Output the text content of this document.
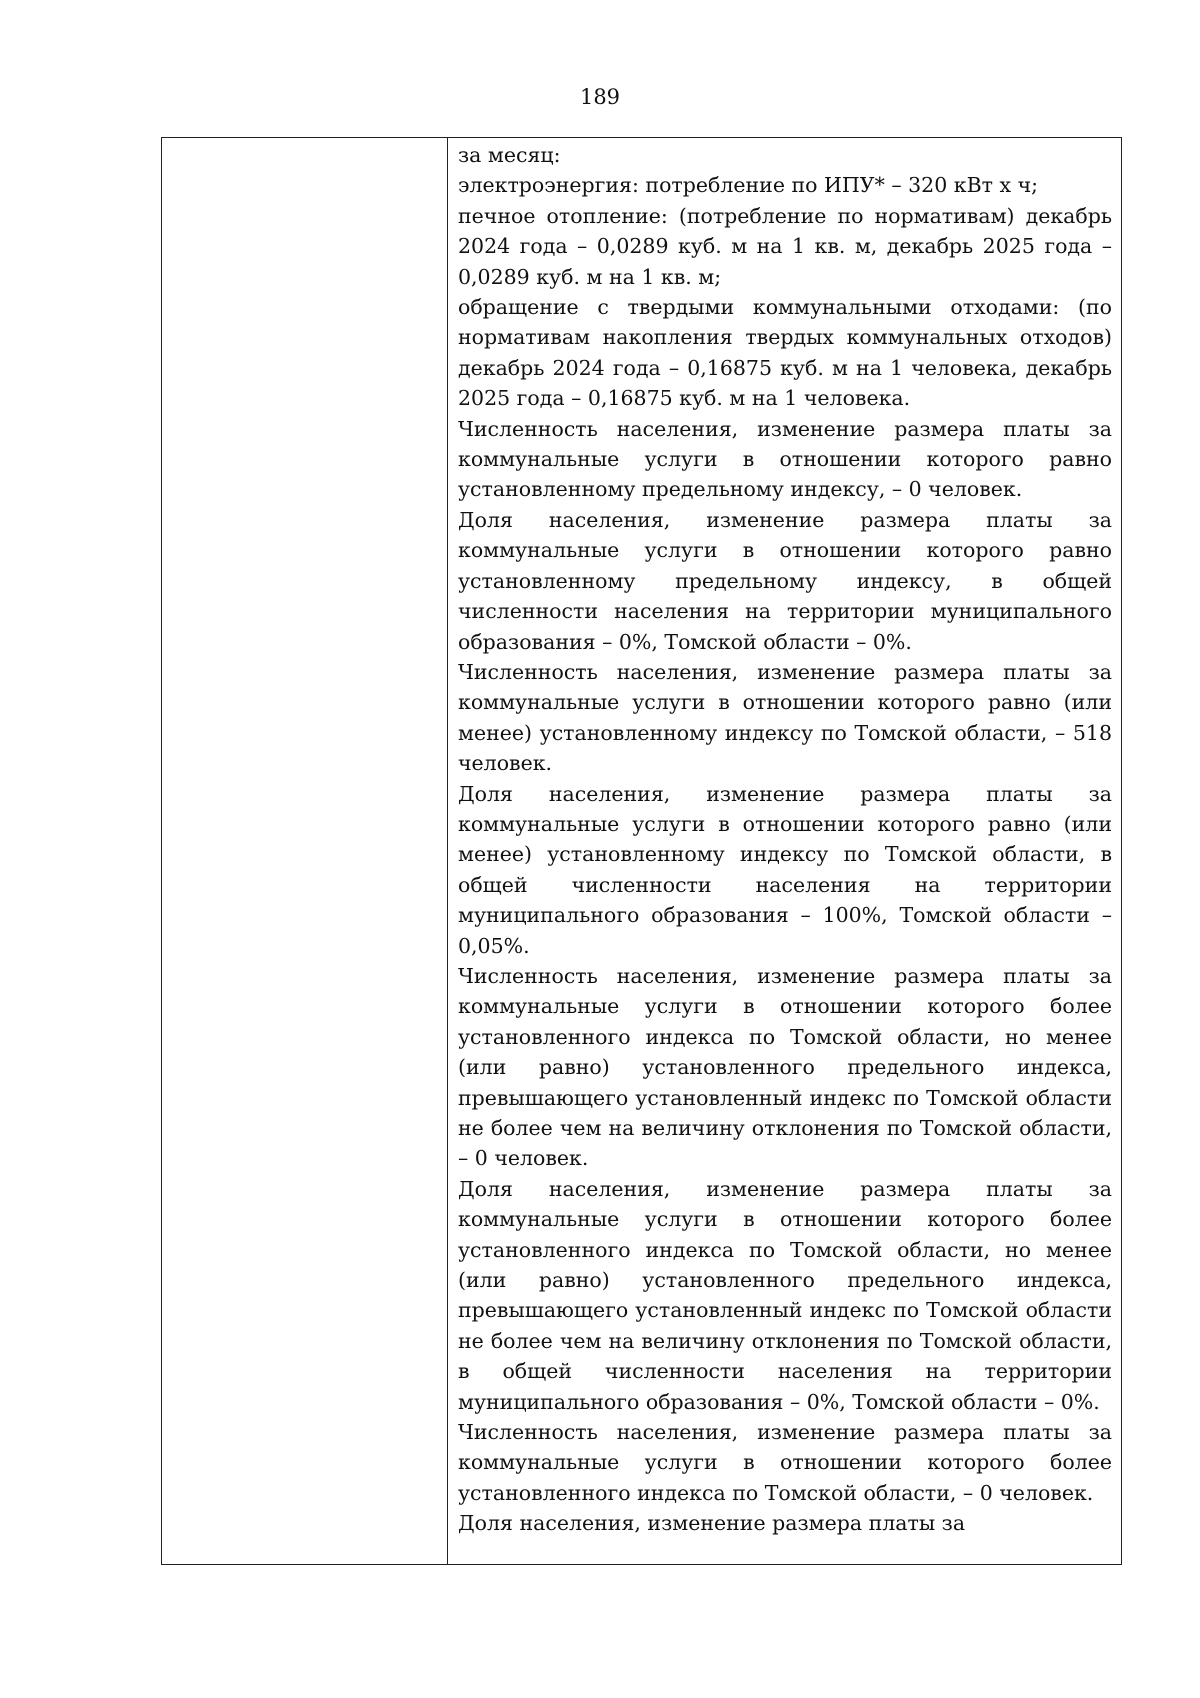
189

за месяц:

электроэнергия: потребление по ИПУ* – 320 кВт х ч;

печное отопление: (потребление по нормативам) декабрь 2024 года – 0,0289 куб. м на 1 кв. м, декабрь 2025 года – 0,0289 куб. м на 1 кв. м;

обращение с твердыми коммунальными отходами: (по нормативам накопления твердых коммунальных отходов) декабрь 2024 года – 0,16875 куб. м на 1 человека, декабрь 2025 года – 0,16875 куб. м на 1 человека.

Численность населения, изменение размера платы за коммунальные услуги в отношении которого равно установленному предельному индексу, – 0 человек.

Доля населения, изменение размера платы за коммунальные услуги в отношении которого равно установленному предельному индексу, в общей численности населения на территории муниципального образования – 0%, Томской области – 0%.

Численность населения, изменение размера платы за коммунальные услуги в отношении которого равно (или менее) установленному индексу по Томской области, – 518 человек.

Доля населения, изменение размера платы за коммунальные услуги в отношении которого равно (или менее) установленному индексу по Томской области, в общей численности населения на территории муниципального образования – 100%, Томской области – 0,05%.

Численность населения, изменение размера платы за коммунальные услуги в отношении которого более установленного индекса по Томской области, но менее (или равно) установленного предельного индекса, превышающего установленный индекс по Томской области не более чем на величину отклонения по Томской области, – 0 человек.

Доля населения, изменение размера платы за коммунальные услуги в отношении которого более установленного индекса по Томской области, но менее (или равно) установленного предельного индекса, превышающего установленный индекс по Томской области не более чем на величину отклонения по Томской области, в общей численности населения на территории муниципального образования – 0%, Томской области – 0%.

Численность населения, изменение размера платы за коммунальные услуги в отношении которого более установленного индекса по Томской области, – 0 человек.

Доля населения, изменение размера платы за
